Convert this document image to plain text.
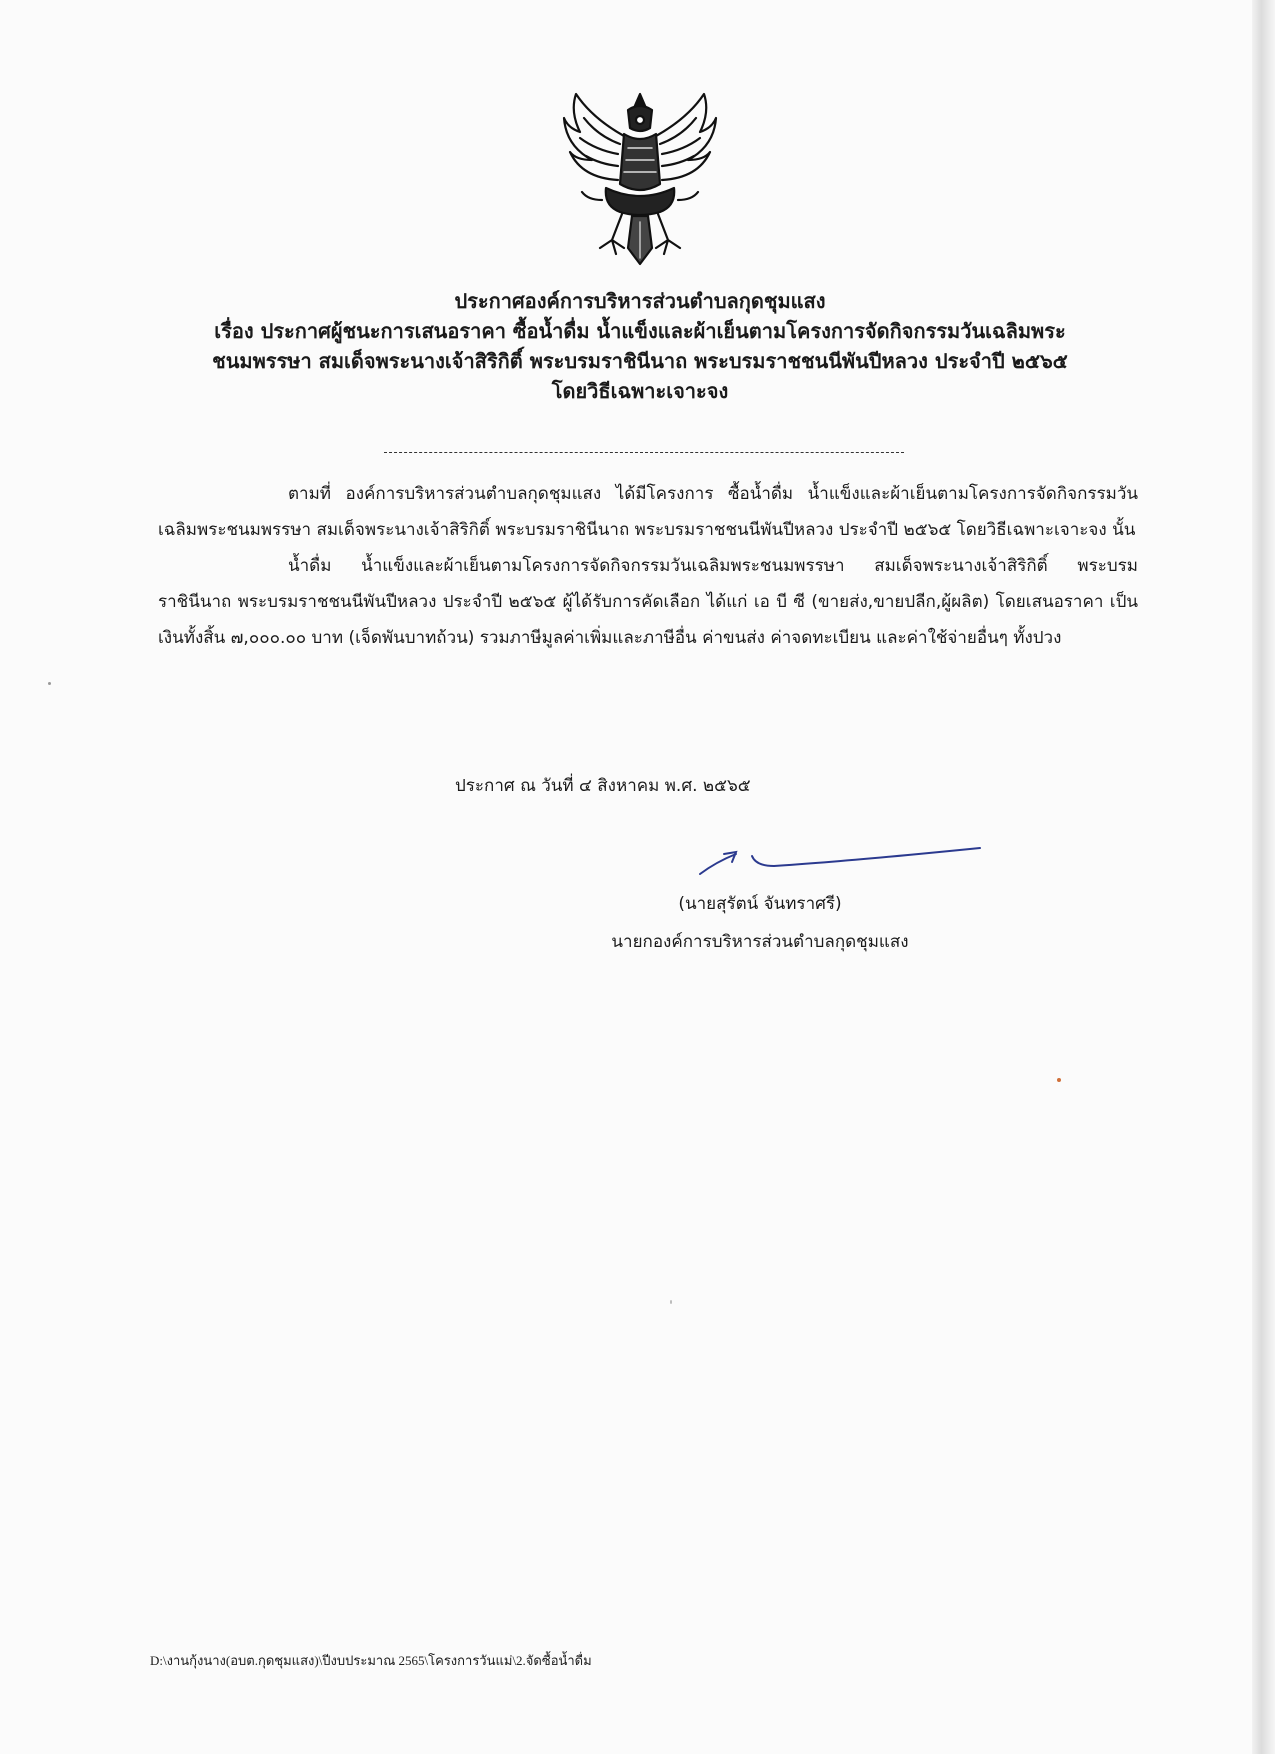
ประกาศองค์การบริหารส่วนตำบลกุดชุมแสง
เรื่อง ประกาศผู้ชนะการเสนอราคา ซื้อน้ำดื่ม น้ำแข็งและผ้าเย็นตามโครงการจัดกิจกรรมวันเฉลิมพระ
ชนมพรรษา สมเด็จพระนางเจ้าสิริกิติ์ พระบรมราชินีนาถ พระบรมราชชนนีพันปีหลวง ประจำปี ๒๕๖๕
โดยวิธีเฉพาะเจาะจง

ตามที่ องค์การบริหารส่วนตำบลกุดชุมแสง ได้มีโครงการ ซื้อน้ำดื่ม น้ำแข็งและผ้าเย็นตามโครงการจัดกิจกรรมวันเฉลิมพระชนมพรรษา สมเด็จพระนางเจ้าสิริกิติ์ พระบรมราชินีนาถ พระบรมราชชนนีพันปีหลวง ประจำปี ๒๕๖๕ โดยวิธีเฉพาะเจาะจง นั้น

น้ำดื่ม น้ำแข็งและผ้าเย็นตามโครงการจัดกิจกรรมวันเฉลิมพระชนมพรรษา สมเด็จพระนางเจ้าสิริกิติ์ พระบรมราชินีนาถ พระบรมราชชนนีพันปีหลวง ประจำปี ๒๕๖๕ ผู้ได้รับการคัดเลือก ได้แก่ เอ บี ซี (ขายส่ง,ขายปลีก,ผู้ผลิต) โดยเสนอราคา เป็นเงินทั้งสิ้น ๗,๐๐๐.๐๐ บาท (เจ็ดพันบาทถ้วน) รวมภาษีมูลค่าเพิ่มและภาษีอื่น ค่าขนส่ง ค่าจดทะเบียน และค่าใช้จ่ายอื่นๆ ทั้งปวง

ประกาศ ณ วันที่ ๔ สิงหาคม พ.ศ. ๒๕๖๕
(นายสุรัตน์ จันทราศรี)
นายกองค์การบริหารส่วนตำบลกุดชุมแสง
D:\งานกุ้งนาง(อบต.กุดชุมแสง)\ปีงบประมาณ 2565\โครงการวันแม่\2.จัดซื้อน้ำดื่ม
